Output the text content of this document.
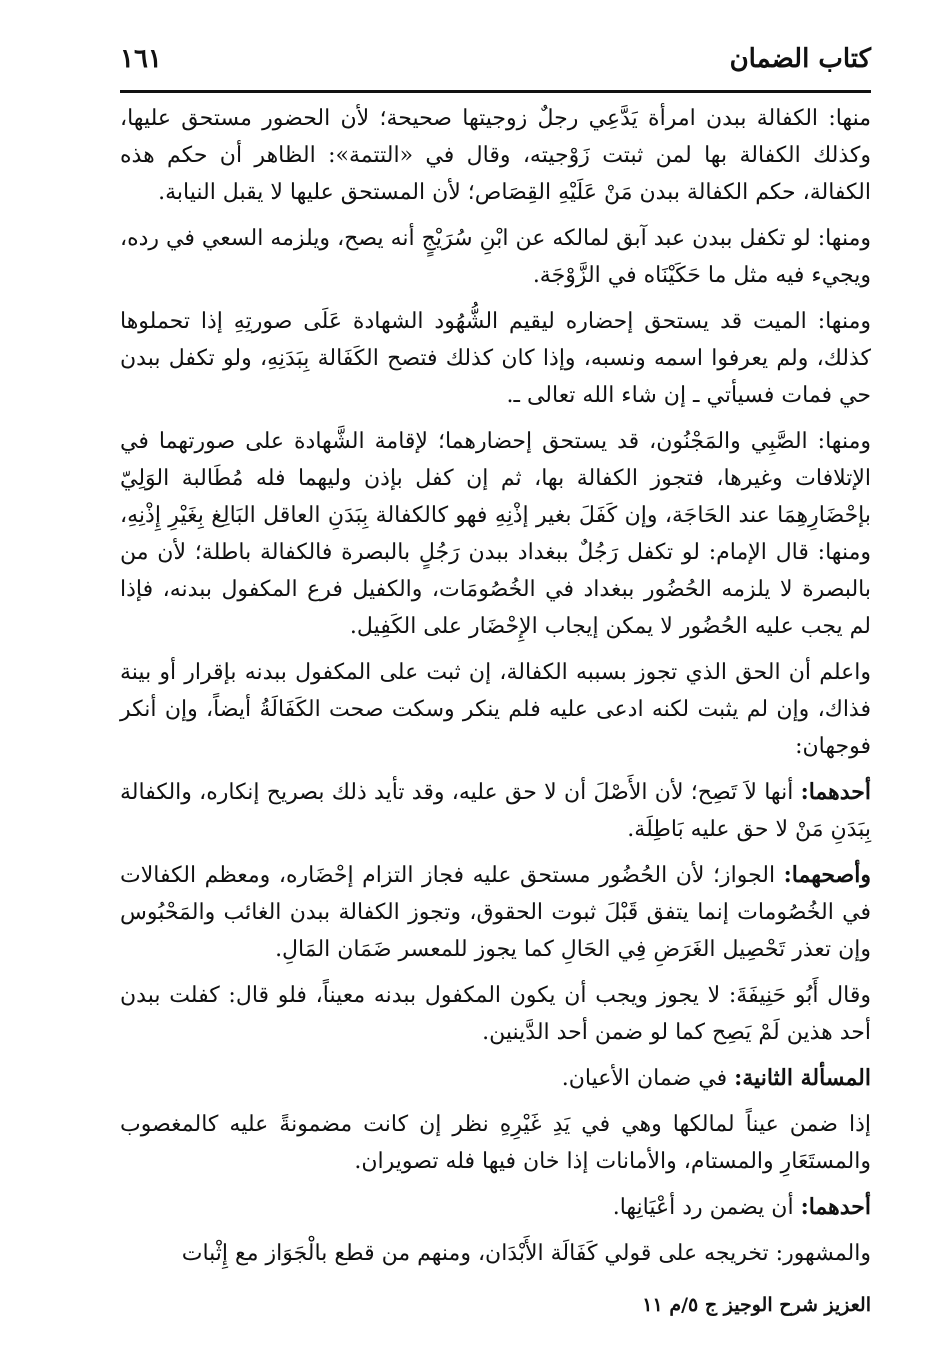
كتاب الضمان
١٦١

منها: الكفالة ببدن امرأة يَدَّعِي رجلٌ زوجيتها صحيحة؛ لأن الحضور مستحق عليها، وكذلك الكفالة بها لمن ثبتت زَوْجيته، وقال في «التتمة»: الظاهر أن حكم هذه الكفالة، حكم الكفالة ببدن مَنْ عَلَيْهِ القِصَاص؛ لأن المستحق عليها لا يقبل النيابة.

ومنها: لو تكفل ببدن عبد آبق لمالكه عن ابْنِ سُرَيْجٍ أنه يصح، ويلزمه السعي في رده، ويجيء فيه مثل ما حَكَيْنَاه في الزَّوْجَة.

ومنها: الميت قد يستحق إحضاره ليقيم الشُّهُود الشهادة عَلَى صورتِهِ إذا تحملوها كذلك، ولم يعرفوا اسمه ونسبه، وإذا كان كذلك فتصح الكَفَالة بِبَدَنِهِ، ولو تكفل ببدن حي فمات فسيأتي ـ إن شاء الله تعالى ـ.

ومنها: الصَّبِي والمَجْنُون، قد يستحق إحضارهما؛ لإقامة الشَّهادة على صورتهما في الإتلافات وغيرها، فتجوز الكفالة بها، ثم إن كفل بإذن وليهما فله مُطَالبة الوَلِيّ بإحْضَارِهِمَا عند الحَاجَة، وإن كَفَلَ بغير إذْنِهِ فهو كالكفالة بِبَدَنِ العاقل البَالِغ بِغَيْرِ إِذْنِهِ، ومنها: قال الإمام: لو تكفل رَجُلٌ ببغداد ببدن رَجُلٍ بالبصرة فالكفالة باطلة؛ لأن من بالبصرة لا يلزمه الحُضُور ببغداد في الخُصُومَات، والكفيل فرع المكفول ببدنه، فإذا لم يجب عليه الحُضُور لا يمكن إيجاب الإِحْضَار على الكَفِيل.

واعلم أن الحق الذي تجوز بسببه الكفالة، إن ثبت على المكفول ببدنه بإقرار أو بينة فذاك، وإن لم يثبت لكنه ادعى عليه فلم ينكر وسكت صحت الكَفَالَةُ أيضاً، وإن أنكر فوجهان:

أحدهما: أنها لاَ تَصِح؛ لأن الأَصْلَ أن لا حق عليه، وقد تأيد ذلك بصريح إنكاره، والكفالة بِبَدَنِ مَنْ لا حق عليه بَاطِلَة.

وأصحهما: الجواز؛ لأن الحُضُور مستحق عليه فجاز التزام إحْضَاره، ومعظم الكفالات في الخُصُومات إنما يتفق قَبْلَ ثبوت الحقوق، وتجوز الكفالة ببدن الغائب والمَحْبُوس وإن تعذر تَحْصِيل الغَرَضِ فِي الحَالِ كما يجوز للمعسر ضَمَان المَالِ.

وقال أَبُو حَنِيفَةَ: لا يجوز ويجب أن يكون المكفول ببدنه معيناً، فلو قال: كفلت ببدن أحد هذين لَمْ يَصِح كما لو ضمن أحد الدَّينين.

المسألة الثانية: في ضمان الأعيان.

إذا ضمن عيناً لمالكها وهي في يَدِ غَيْرِهِ نظر إن كانت مضمونةً عليه كالمغصوب والمستَعَارِ والمستام، والأمانات إذا خان فيها فله تصويران.

أحدهما: أن يضمن رد أعْيَانِها.

والمشهور: تخريجه على قولي كَفَالَة الأَبْدَان، ومنهم من قطع بالْجَوَاز مع إِثْبات

العزيز شرح الوجيز ج ٥/م ١١
